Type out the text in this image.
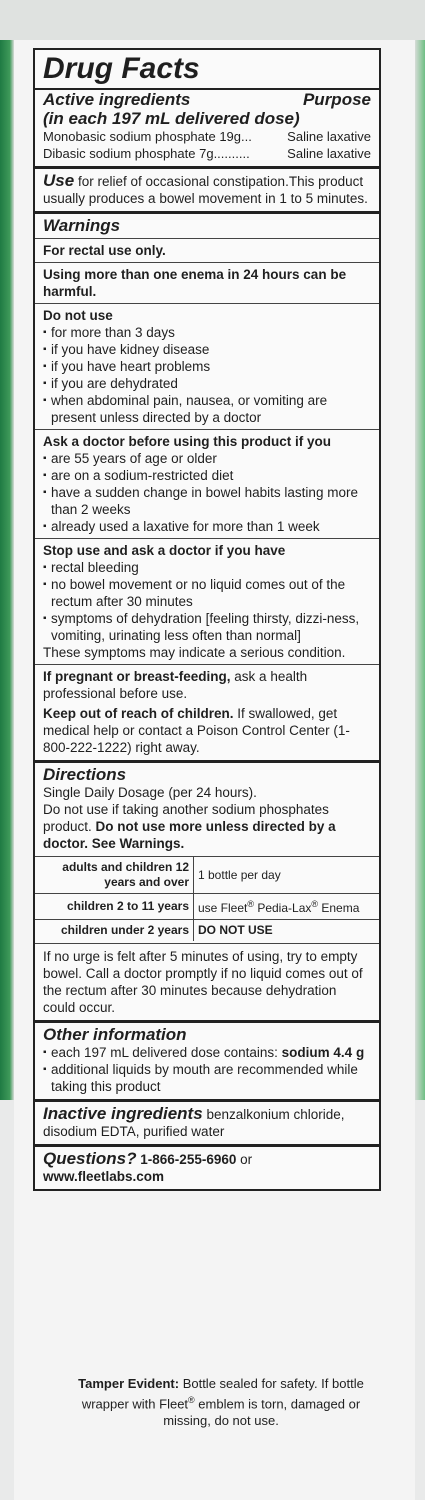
Drug Facts
Active ingredients	Purpose
(in each 197 mL delivered dose)
Monobasic sodium phosphate 19g ...	Saline laxative
Dibasic sodium phosphate 7g ..........	Saline laxative
Use for relief of occasional constipation.This product usually produces a bowel movement in 1 to 5 minutes.
Warnings
For rectal use only.
Using more than one enema in 24 hours can be harmful.
Do not use
▪ for more than 3 days
▪ if you have kidney disease
▪ if you have heart problems
▪ if you are dehydrated
▪ when abdominal pain, nausea, or vomiting are present unless directed by a doctor
Ask a doctor before using this product if you
▪ are 55 years of age or older
▪ are on a sodium-restricted diet
▪ have a sudden change in bowel habits lasting more than 2 weeks
▪ already used a laxative for more than 1 week
Stop use and ask a doctor if you have
▪ rectal bleeding
▪ no bowel movement or no liquid comes out of the rectum after 30 minutes
▪ symptoms of dehydration [feeling thirsty, dizzi-ness, vomiting, urinating less often than normal]
These symptoms may indicate a serious condition.
If pregnant or breast-feeding, ask a health professional before use.
Keep out of reach of children. If swallowed, get medical help or contact a Poison Control Center (1-800-222-1222) right away.
Directions
Single Daily Dosage (per 24 hours).
Do not use if taking another sodium phosphates product. Do not use more unless directed by a doctor. See Warnings.
adults and children 12 years and over	1 bottle per day
children 2 to 11 years	use Fleet® Pedia-Lax® Enema
children under 2 years	DO NOT USE
If no urge is felt after 5 minutes of using, try to empty bowel. Call a doctor promptly if no liquid comes out of the rectum after 30 minutes because dehydration could occur.
Other information
▪ each 197 mL delivered dose contains: sodium 4.4 g
▪ additional liquids by mouth are recommended while taking this product
Inactive ingredients benzalkonium chloride, disodium EDTA, purified water
Questions? 1-866-255-6960 or
www.fleetlabs.com
Tamper Evident: Bottle sealed for safety. If bottle wrapper with Fleet® emblem is torn, damaged or missing, do not use.
